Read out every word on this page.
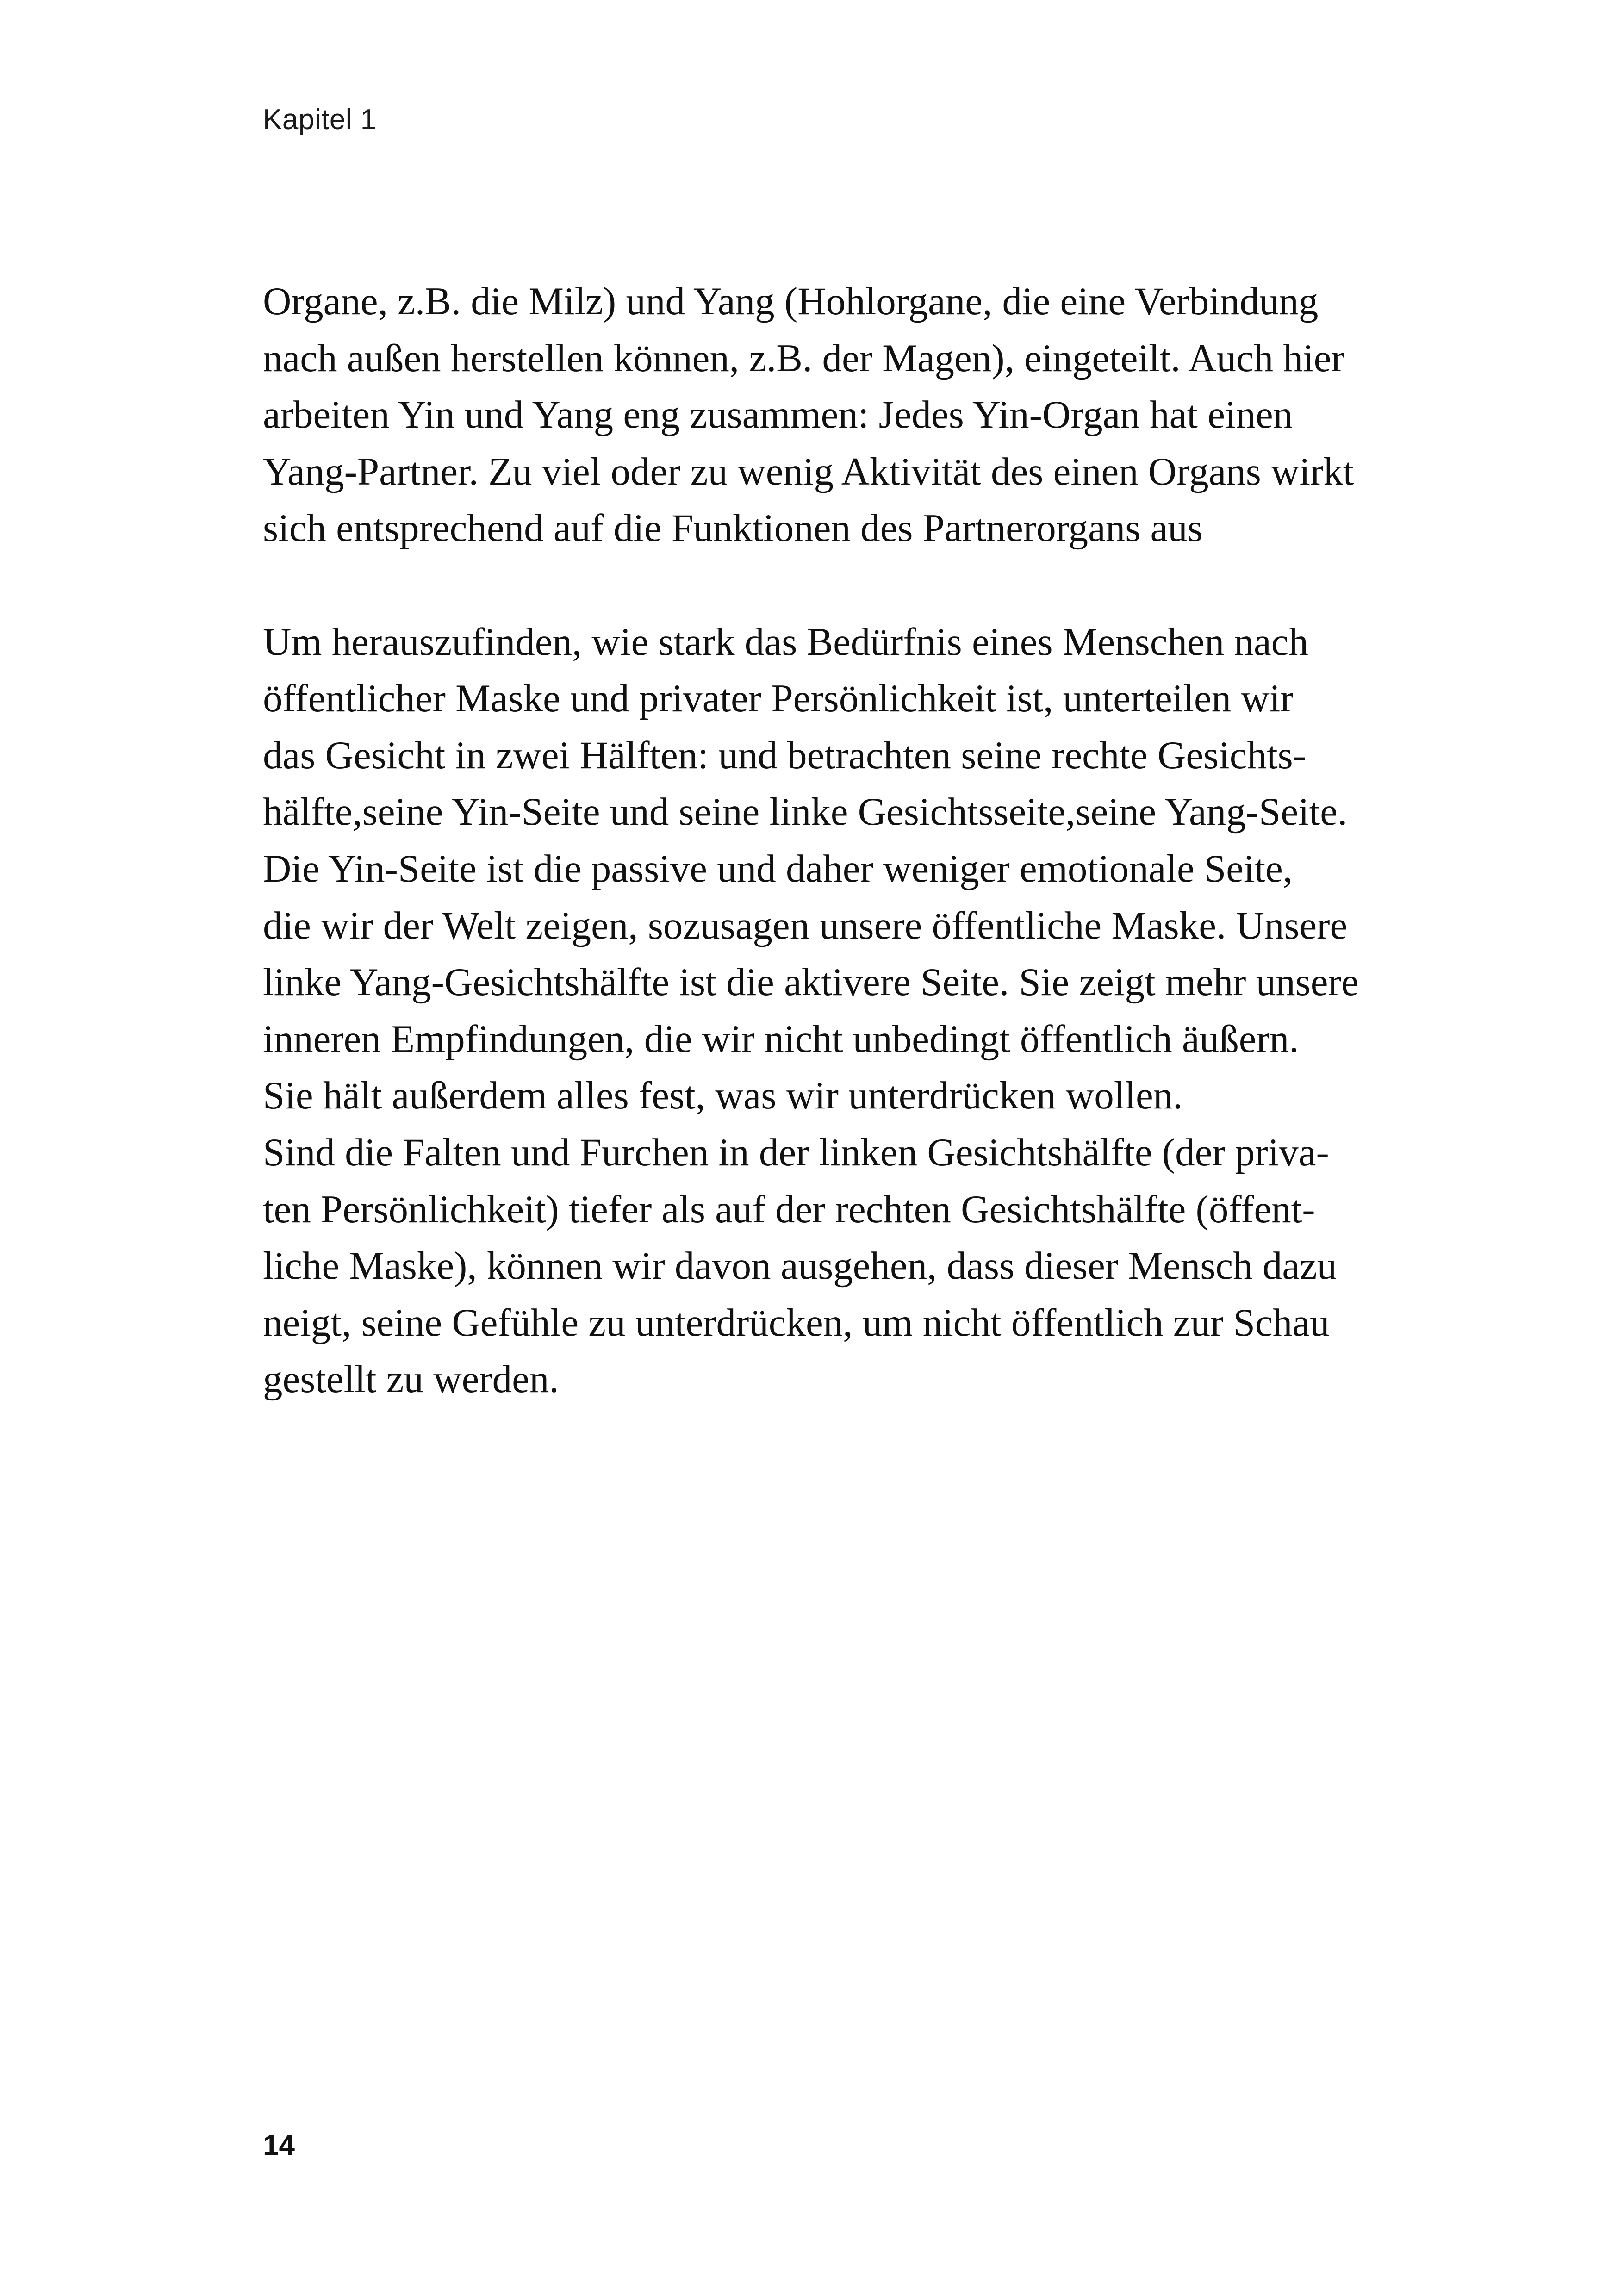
Kapitel 1
Organe, z.B. die Milz) und Yang (Hohlorgane, die eine Verbindung
nach außen herstellen können, z.B. der Magen), eingeteilt. Auch hier
arbeiten Yin und Yang eng zusammen: Jedes Yin-Organ hat einen
Yang-Partner. Zu viel oder zu wenig Aktivität des einen Organs wirkt
sich entsprechend auf die Funktionen des Partnerorgans aus
Um herauszufinden, wie stark das Bedürfnis eines Menschen nach
öffentlicher Maske und privater Persönlichkeit ist, unterteilen wir
das Gesicht in zwei Hälften: und betrachten seine rechte Gesichts-
hälfte,seine Yin-Seite und seine linke Gesichtsseite,seine Yang-Seite.
Die Yin-Seite ist die passive und daher weniger emotionale Seite,
die wir der Welt zeigen, sozusagen unsere öffentliche Maske. Unsere
linke Yang-Gesichtshälfte ist die aktivere Seite. Sie zeigt mehr unsere
inneren Empfindungen, die wir nicht unbedingt öffentlich äußern.
Sie hält außerdem alles fest, was wir unterdrücken wollen.
Sind die Falten und Furchen in der linken Gesichtshälfte (der priva-
ten Persönlichkeit) tiefer als auf der rechten Gesichtshälfte (öffent-
liche Maske), können wir davon ausgehen, dass dieser Mensch dazu
neigt, seine Gefühle zu unterdrücken, um nicht öffentlich zur Schau
gestellt zu werden.
14
